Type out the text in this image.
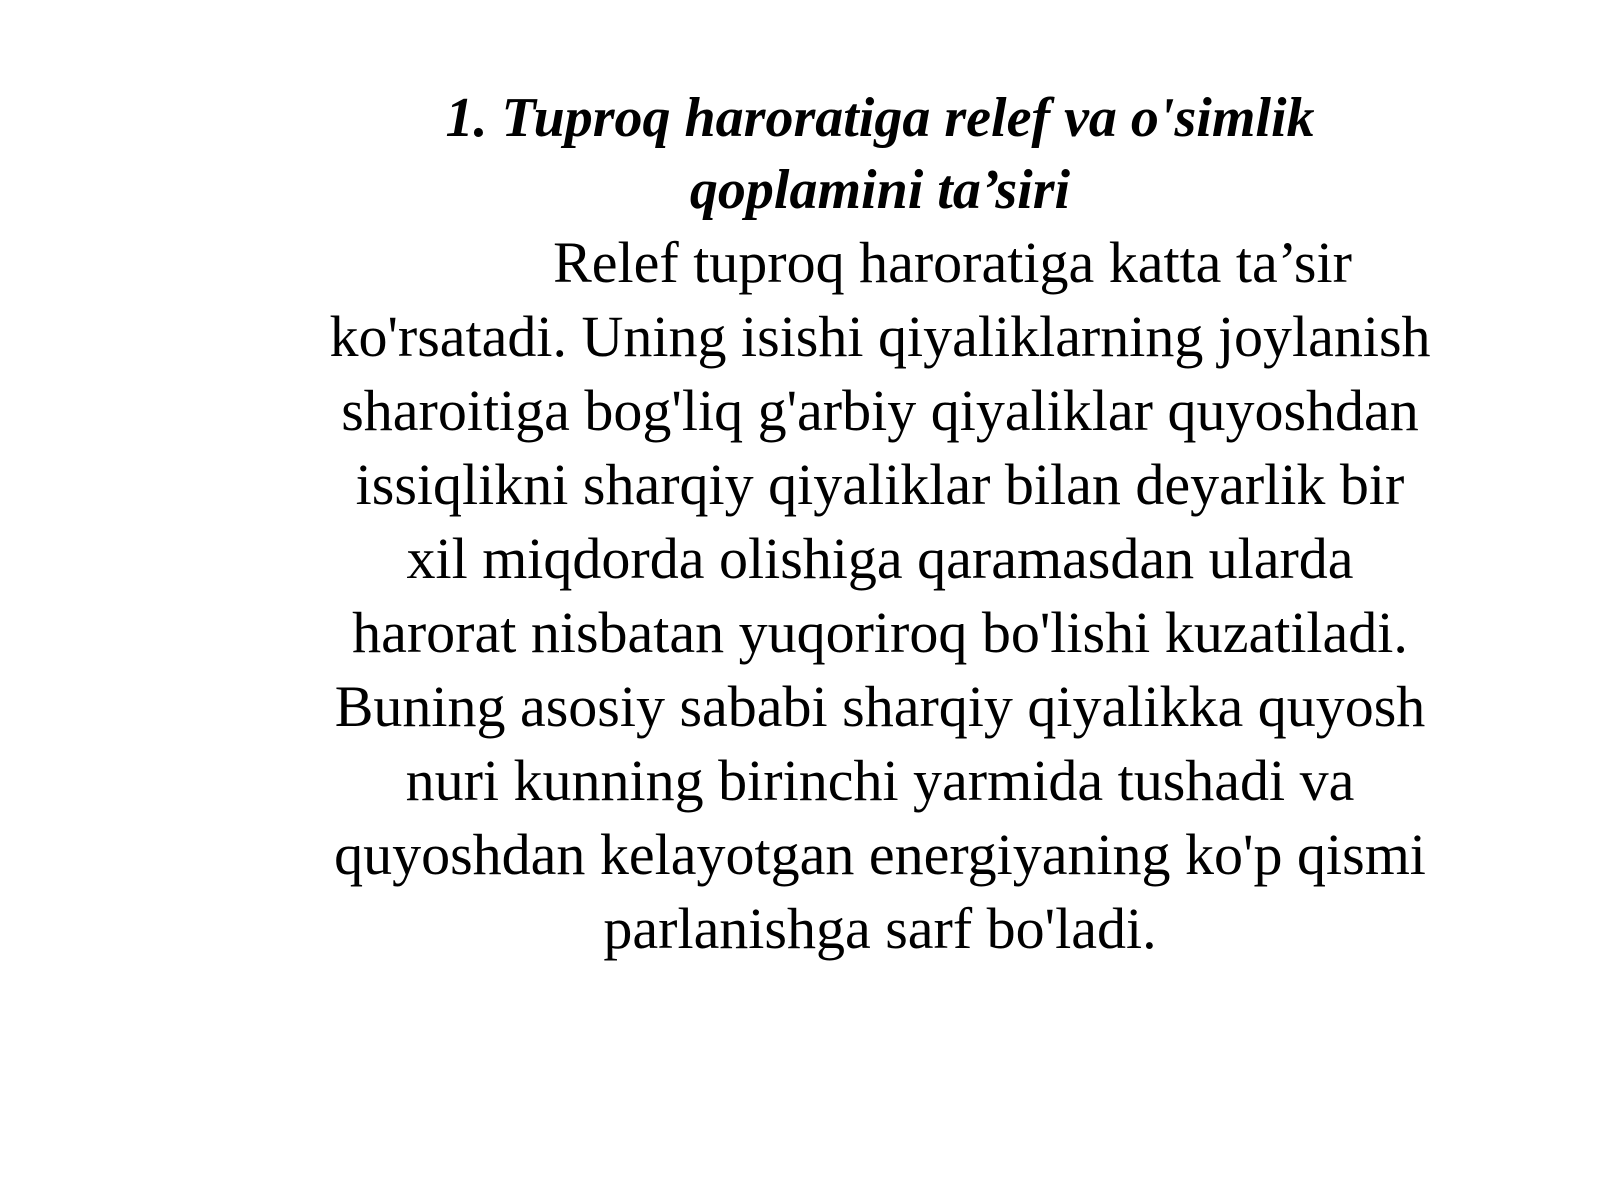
1. Tuproq haroratiga relef va o'sіmlik
qoplamini ta’siri

Relef tuproq haroratiga katta ta’sir
ko'rsatadi. Uning isishi qiyaliklarning joylanish
sharoitiga bog'liq g'arbiy qiyaliklar quyoshdan
issiqlikni sharqiy qiyaliklar bilan deyarlik bir
xil miqdorda olishiga qaramasdan ularda
harorat nisbatan yuqoriroq bo'lishi kuzatiladi.
Buning asosiy sababi sharqiy qiyalikka quyosh
nuri kunning birinchi yarmida tushadi va
quyoshdan kelayotgan energiyaning ko'p qismi
parlanishga sarf bo'ladi.
